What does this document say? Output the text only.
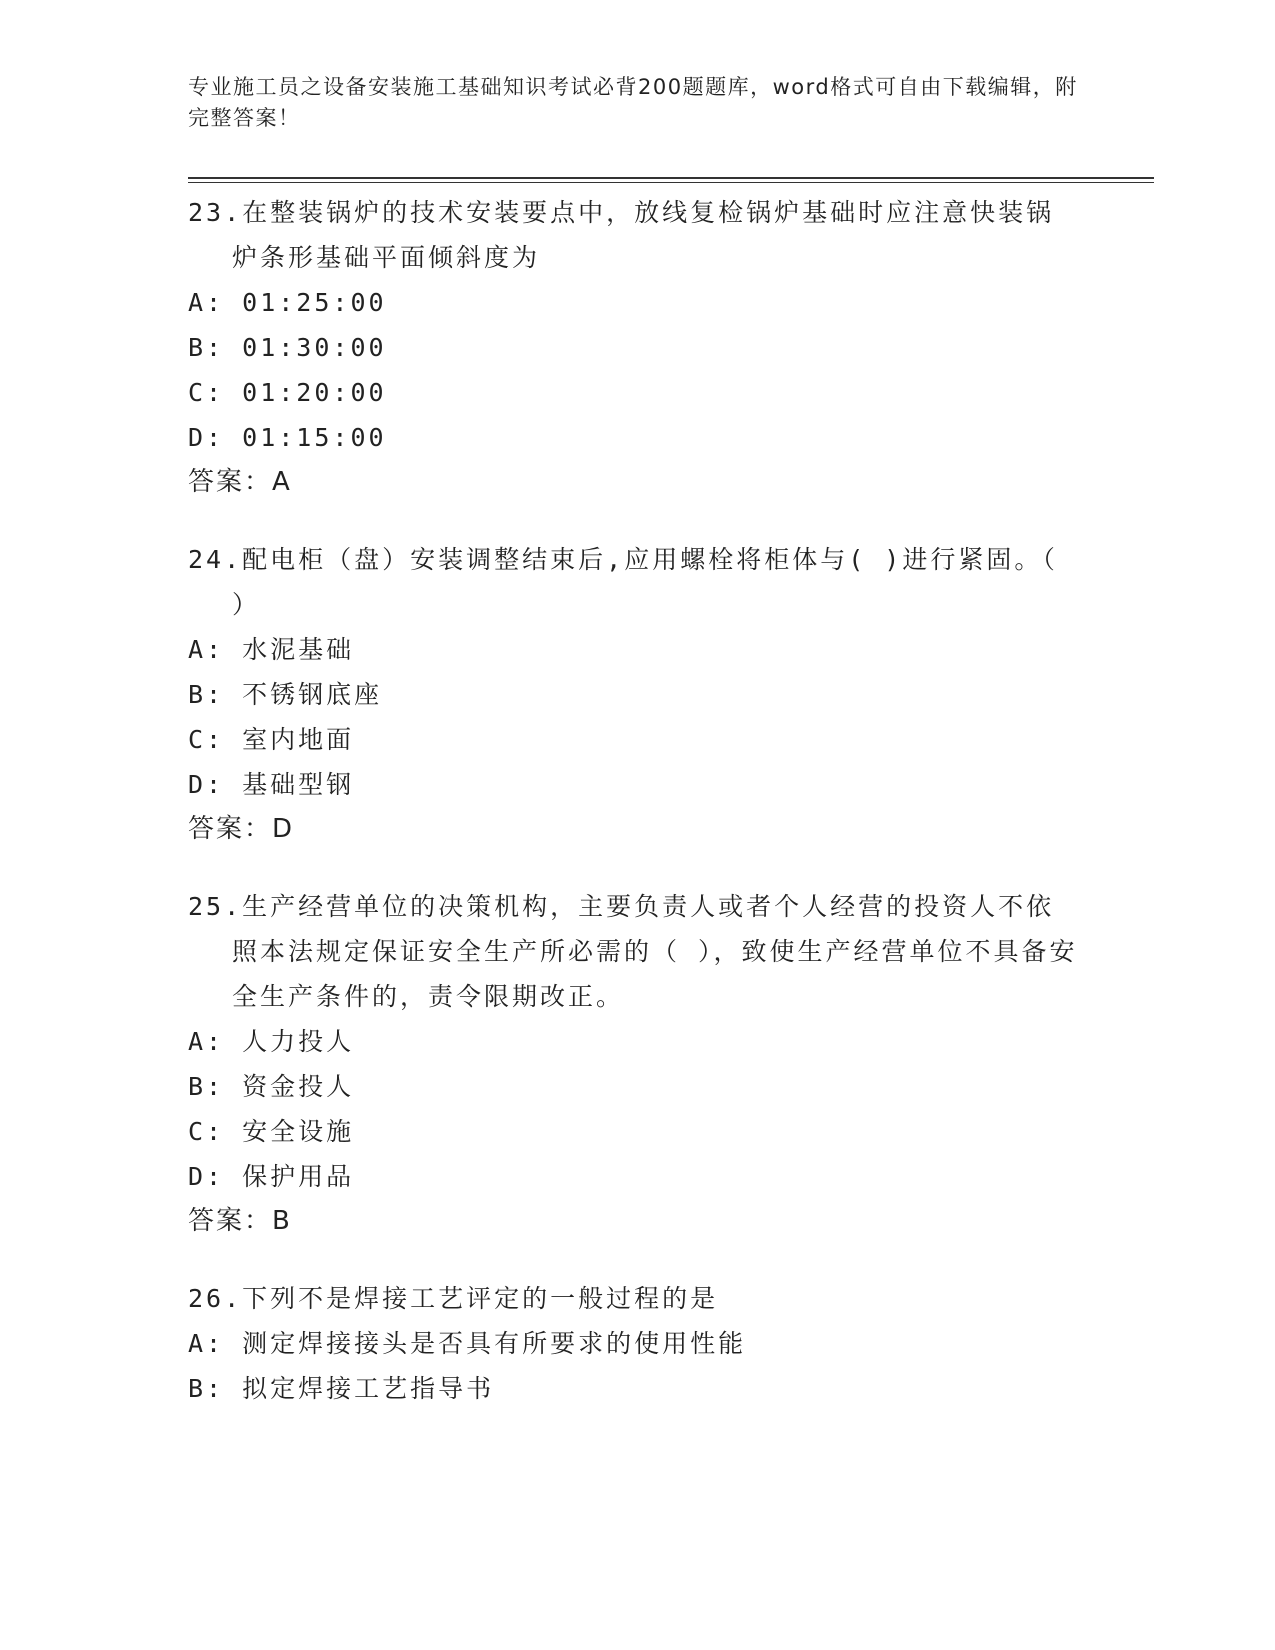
专业施工员之设备安装施工基础知识考试必背200题题库，word格式可自由下载编辑，附完整答案！
23.在整装锅炉的技术安装要点中，放线复检锅炉基础时应注意快装锅炉条形基础平面倾斜度为
A: 01:25:00
B: 01:30:00
C: 01:20:00
D: 01:15:00
答案：A
24.配电柜（盘）安装调整结束后,应用螺栓将柜体与( )进行紧固。（ ）
A: 水泥基础
B: 不锈钢底座
C: 室内地面
D: 基础型钢
答案：D
25.生产经营单位的决策机构，主要负责人或者个人经营的投资人不依照本法规定保证安全生产所必需的（ ），致使生产经营单位不具备安全生产条件的，责令限期改正。
A: 人力投人
B: 资金投人
C: 安全设施
D: 保护用品
答案：B
26.下列不是焊接工艺评定的一般过程的是
A: 测定焊接接头是否具有所要求的使用性能
B: 拟定焊接工艺指导书
